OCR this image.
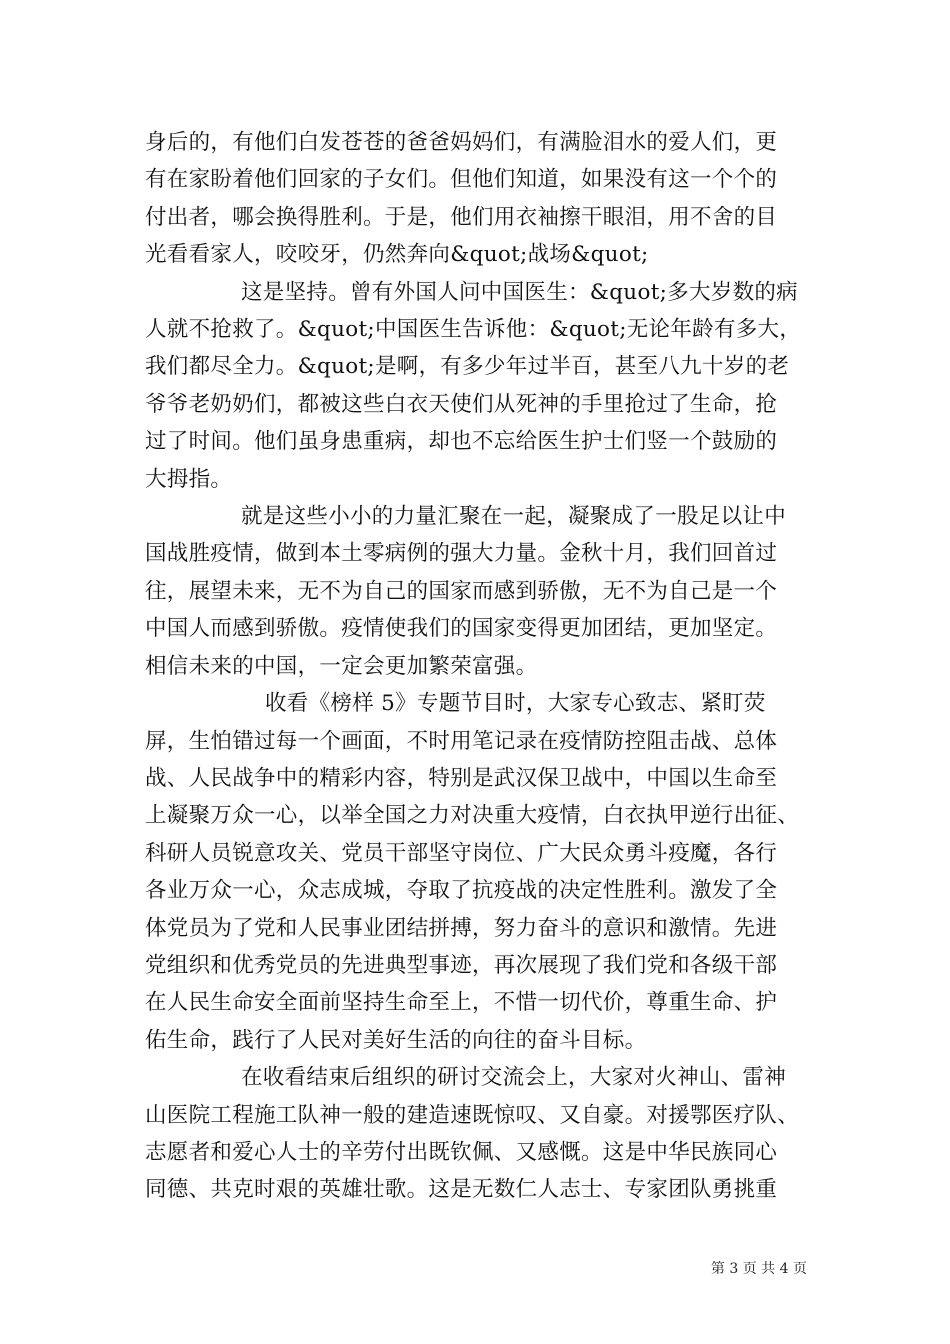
身后的，有他们白发苍苍的爸爸妈妈们，有满脸泪水的爱人们，更
有在家盼着他们回家的子女们。但他们知道，如果没有这一个个的
付出者，哪会换得胜利。于是，他们用衣袖擦干眼泪，用不舍的目
光看看家人，咬咬牙，仍然奔向&quot;战场&quot;

这是坚持。曾有外国人问中国医生：&quot;多大岁数的病
人就不抢救了。&quot;中国医生告诉他：&quot;无论年龄有多大，
我们都尽全力。&quot;是啊，有多少年过半百，甚至八九十岁的老
爷爷老奶奶们，都被这些白衣天使们从死神的手里抢过了生命，抢
过了时间。他们虽身患重病，却也不忘给医生护士们竖一个鼓励的
大拇指。

就是这些小小的力量汇聚在一起，凝聚成了一股足以让中
国战胜疫情，做到本土零病例的强大力量。金秋十月，我们回首过
往，展望未来，无不为自己的国家而感到骄傲，无不为自己是一个
中国人而感到骄傲。疫情使我们的国家变得更加团结，更加坚定。
相信未来的中国，一定会更加繁荣富强。

收看《榜样 5》专题节目时，大家专心致志、紧盯荧
屏，生怕错过每一个画面，不时用笔记录在疫情防控阻击战、总体
战、人民战争中的精彩内容，特别是武汉保卫战中，中国以生命至
上凝聚万众一心，以举全国之力对决重大疫情，白衣执甲逆行出征、
科研人员锐意攻关、党员干部坚守岗位、广大民众勇斗疫魔，各行
各业万众一心，众志成城，夺取了抗疫战的决定性胜利。激发了全
体党员为了党和人民事业团结拼搏，努力奋斗的意识和激情。先进
党组织和优秀党员的先进典型事迹，再次展现了我们党和各级干部
在人民生命安全面前坚持生命至上，不惜一切代价，尊重生命、护
佑生命，践行了人民对美好生活的向往的奋斗目标。

在收看结束后组织的研讨交流会上，大家对火神山、雷神
山医院工程施工队神一般的建造速既惊叹、又自豪。对援鄂医疗队、
志愿者和爱心人士的辛劳付出既钦佩、又感慨。这是中华民族同心
同德、共克时艰的英雄壮歌。这是无数仁人志士、专家团队勇挑重

第 3 页 共 4 页
